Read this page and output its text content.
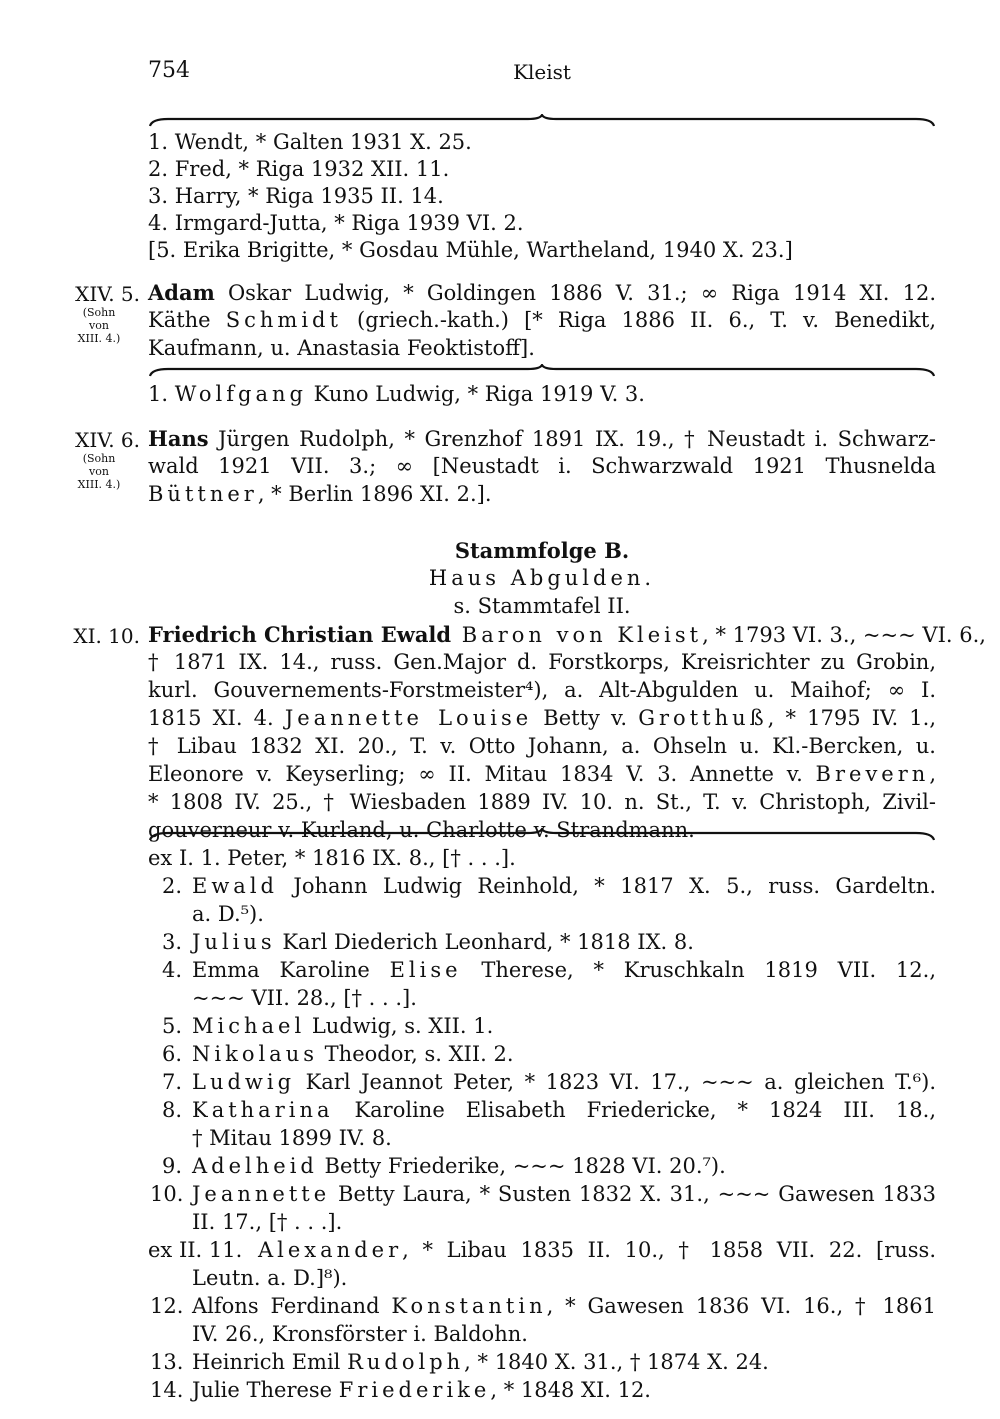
754	Kleist
1. Wendt, * Galten 1931 X. 25.
2. Fred, * Riga 1932 XII. 11.
3. Harry, * Riga 1935 II. 14.
4. Irmgard-Jutta, * Riga 1939 VI. 2.
[5. Erika Brigitte, * Gosdau Mühle, Wartheland, 1940 X. 23.]
XIV. 5.
(Sohn
von
XIII. 4.)
Adam Oskar Ludwig, * Goldingen 1886 V. 31.; ∞ Riga 1914 XI. 12.
Käthe Schmidt (griech.-kath.) [* Riga 1886 II. 6., T. v. Benedikt,
Kaufmann, u. Anastasia Feoktistoff].
1. Wolfgang Kuno Ludwig, * Riga 1919 V. 3.
XIV. 6.
(Sohn
von
XIII. 4.)
Hans Jürgen Rudolph, * Grenzhof 1891 IX. 19., † Neustadt i. Schwarz-
wald 1921 VII. 3.; ∞ [Neustadt i. Schwarzwald 1921 Thusnelda
Büttner, * Berlin 1896 XI. 2.].
Stammfolge B.
Haus Abgulden.
s. Stammtafel II.
XI. 10. Friedrich Christian Ewald Baron von Kleist, * 1793 VI. 3., ~~~ VI. 6.,
† 1871 IX. 14., russ. Gen.Major d. Forstkorps, Kreisrichter zu Grobin,
kurl. Gouvernements-Forstmeister⁴), a. Alt-Abgulden u. Maihof; ∞ I.
1815 XI. 4. Jeannette Louise Betty v. Grotthuß, * 1795 IV. 1.,
† Libau 1832 XI. 20., T. v. Otto Johann, a. Ohseln u. Kl.-Bercken, u.
Eleonore v. Keyserling; ∞ II. Mitau 1834 V. 3. Annette v. Brevern,
* 1808 IV. 25., † Wiesbaden 1889 IV. 10. n. St., T. v. Christoph, Zivil-
gouverneur v. Kurland, u. Charlotte v. Strandmann.
ex I. 1. Peter, * 1816 IX. 8., [† . . .].
2. Ewald Johann Ludwig Reinhold, * 1817 X. 5., russ. Gardeltn.
a. D.⁵).
3. Julius Karl Diederich Leonhard, * 1818 IX. 8.
4. Emma Karoline Elise Therese, * Kruschkaln 1819 VII. 12.,
~~~ VII. 28., [† . . .].
5. Michael Ludwig, s. XII. 1.
6. Nikolaus Theodor, s. XII. 2.
7. Ludwig Karl Jeannot Peter, * 1823 VI. 17., ~~~ a. gleichen T.⁶).
8. Katharina Karoline Elisabeth Friedericke, * 1824 III. 18.,
† Mitau 1899 IV. 8.
9. Adelheid Betty Friederike, ~~~ 1828 VI. 20.⁷).
10. Jeannette Betty Laura, * Susten 1832 X. 31., ~~~ Gawesen 1833
II. 17., [† . . .].
ex II. 11. Alexander, * Libau 1835 II. 10., † 1858 VII. 22. [russ.
Leutn. a. D.]⁸).
12. Alfons Ferdinand Konstantin, * Gawesen 1836 VI. 16., † 1861
IV. 26., Kronsförster i. Baldohn.
13. Heinrich Emil Rudolph, * 1840 X. 31., † 1874 X. 24.
14. Julie Therese Friederike, * 1848 XI. 12.
